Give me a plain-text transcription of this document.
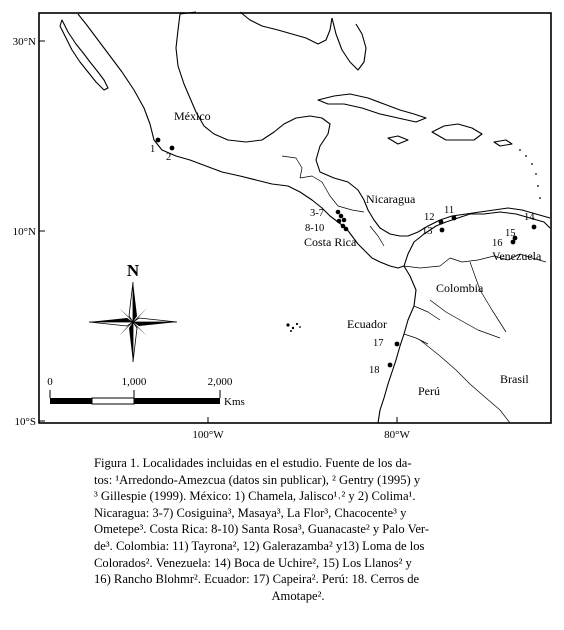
30°N
10°N
10°S
100°W	80°W
1
2
3-7
8-10
11
12
13
14
15
16
17
18
México
Nicaragua
Costa Rica
Colombia
Venezuela
Ecuador
Perú
Brasil
N
0	1,000	2,000
Kms
Figura 1. Localidades incluidas en el estudio. Fuente de los da-
tos: ¹Arredondo-Amezcua (datos sin publicar), ² Gentry (1995) y
³ Gillespie (1999). México: 1) Chamela, Jalisco¹˒² y 2) Colima¹.
Nicaragua: 3-7) Cosiguina³, Masaya³, La Flor³, Chacocente³ y
Ometepe³. Costa Rica: 8-10) Santa Rosa³, Guanacaste² y Palo Ver-
de³. Colombia: 11) Tayrona², 12) Galerazamba² y13) Loma de los
Colorados². Venezuela: 14) Boca de Uchire², 15) Los Llanos² y
16) Rancho Blohmr². Ecuador: 17) Capeira². Perú: 18. Cerros de
Amotape².
